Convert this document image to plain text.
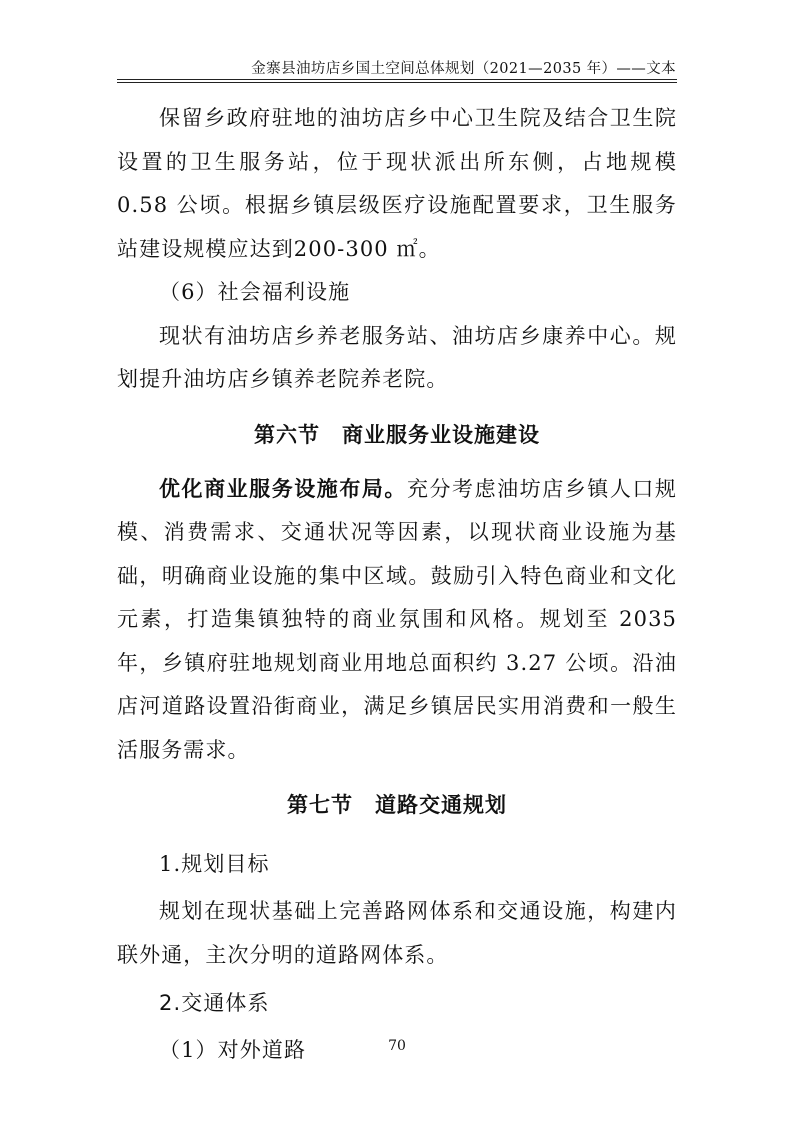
金寨县油坊店乡国土空间总体规划（2021—2035 年）——文本

保留乡政府驻地的油坊店乡中心卫生院及结合卫生院设置的卫生服务站，位于现状派出所东侧，占地规模 0.58 公顷。根据乡镇层级医疗设施配置要求，卫生服务站建设规模应达到200-300 ㎡。

（6）社会福利设施

现状有油坊店乡养老服务站、油坊店乡康养中心。规划提升油坊店乡镇养老院养老院。

第六节　商业服务业设施建设

优化商业服务设施布局。充分考虑油坊店乡镇人口规模、消费需求、交通状况等因素，以现状商业设施为基础，明确商业设施的集中区域。鼓励引入特色商业和文化元素，打造集镇独特的商业氛围和风格。规划至 2035 年，乡镇府驻地规划商业用地总面积约 3.27 公顷。沿油店河道路设置沿街商业，满足乡镇居民实用消费和一般生活服务需求。

第七节　道路交通规划

1.规划目标

规划在现状基础上完善路网体系和交通设施，构建内联外通，主次分明的道路网体系。

2.交通体系

（1）对外道路	70
